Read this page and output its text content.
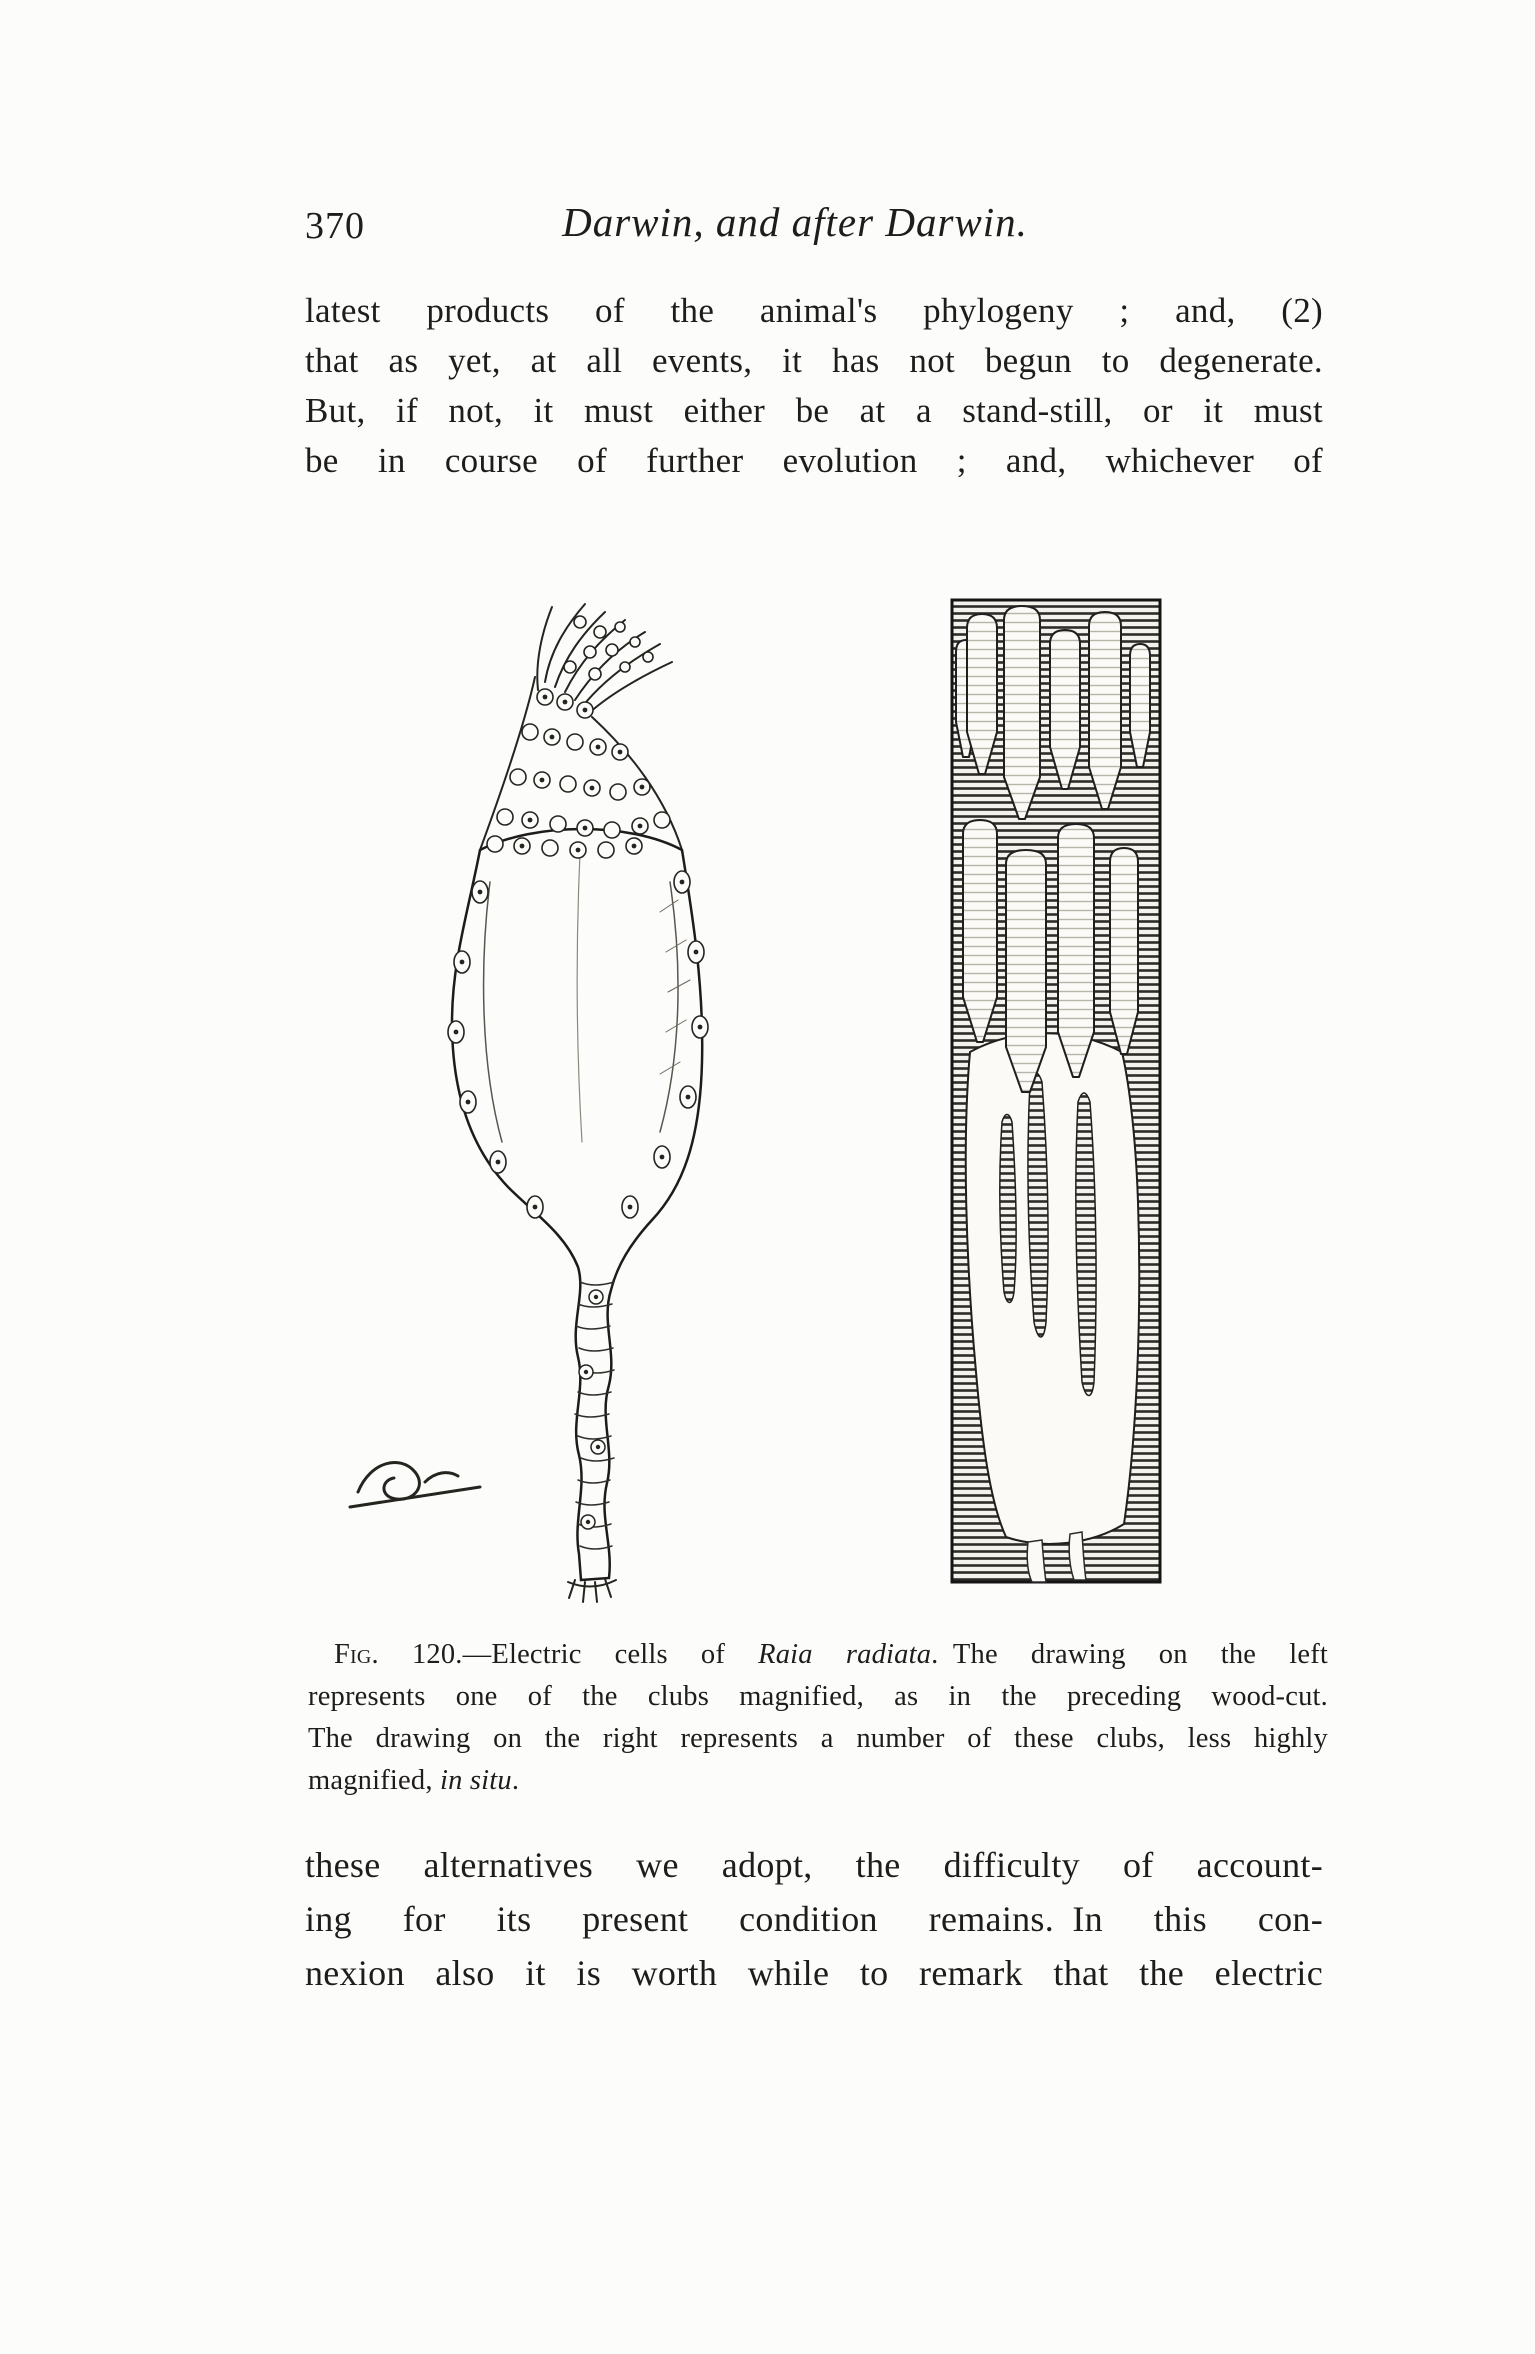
370	Darwin, and after Darwin.
latest products of the animal's phylogeny ; and, (2)
that as yet, at all events, it has not begun to degenerate.
But, if not, it must either be at a stand-still, or it must
be in course of further evolution ; and, whichever of
Fig. 120.—Electric cells of Raia radiata. The drawing on the left
represents one of the clubs magnified, as in the preceding wood-cut.
The drawing on the right represents a number of these clubs, less highly
magnified, in situ.
these alternatives we adopt, the difficulty of account-
ing for its present condition remains. In this con-
nexion also it is worth while to remark that the electric
